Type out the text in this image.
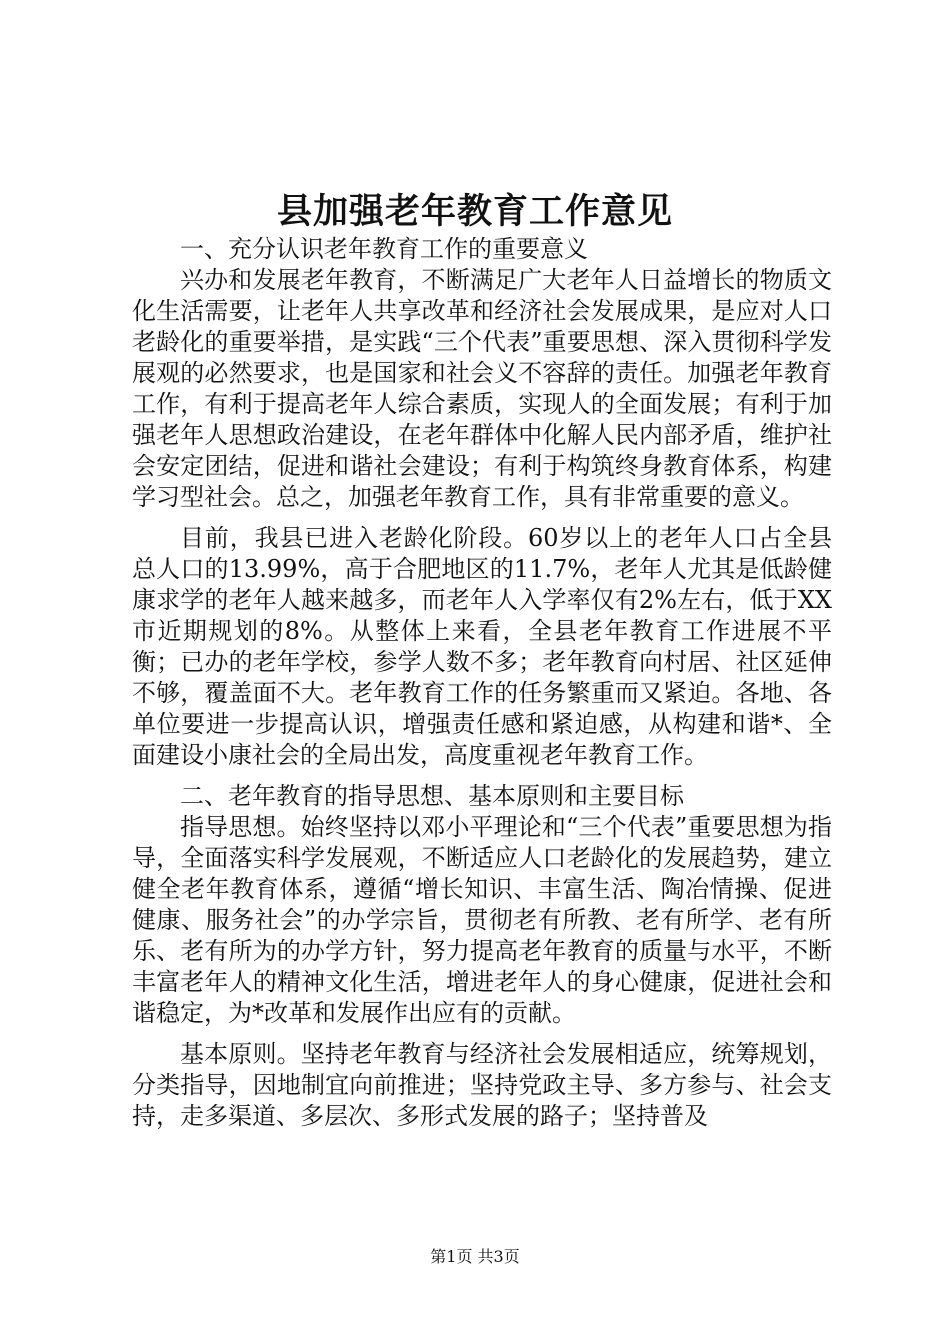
县加强老年教育工作意见

一、充分认识老年教育工作的重要意义

兴办和发展老年教育，不断满足广大老年人日益增长的物质文化生活需要，让老年人共享改革和经济社会发展成果，是应对人口老龄化的重要举措，是实践“三个代表”重要思想、深入贯彻科学发展观的必然要求，也是国家和社会义不容辞的责任。加强老年教育工作，有利于提高老年人综合素质，实现人的全面发展；有利于加强老年人思想政治建设，在老年群体中化解人民内部矛盾，维护社会安定团结，促进和谐社会建设；有利于构筑终身教育体系，构建学习型社会。总之，加强老年教育工作，具有非常重要的意义。

目前，我县已进入老龄化阶段。60岁以上的老年人口占全县总人口的13.99%，高于合肥地区的11.7%，老年人尤其是低龄健康求学的老年人越来越多，而老年人入学率仅有2%左右，低于XX市近期规划的8%。从整体上来看，全县老年教育工作进展不平衡；已办的老年学校，参学人数不多；老年教育向村居、社区延伸不够，覆盖面不大。老年教育工作的任务繁重而又紧迫。各地、各单位要进一步提高认识，增强责任感和紧迫感，从构建和谐*、全面建设小康社会的全局出发，高度重视老年教育工作。

二、老年教育的指导思想、基本原则和主要目标

指导思想。始终坚持以邓小平理论和“三个代表”重要思想为指导，全面落实科学发展观，不断适应人口老龄化的发展趋势，建立健全老年教育体系，遵循“增长知识、丰富生活、陶冶情操、促进健康、服务社会”的办学宗旨，贯彻老有所教、老有所学、老有所乐、老有所为的办学方针，努力提高老年教育的质量与水平，不断丰富老年人的精神文化生活，增进老年人的身心健康，促进社会和谐稳定，为*改革和发展作出应有的贡献。

基本原则。坚持老年教育与经济社会发展相适应，统筹规划，分类指导，因地制宜向前推进；坚持党政主导、多方参与、社会支持，走多渠道、多层次、多形式发展的路子；坚持普及

第1页 共3页
